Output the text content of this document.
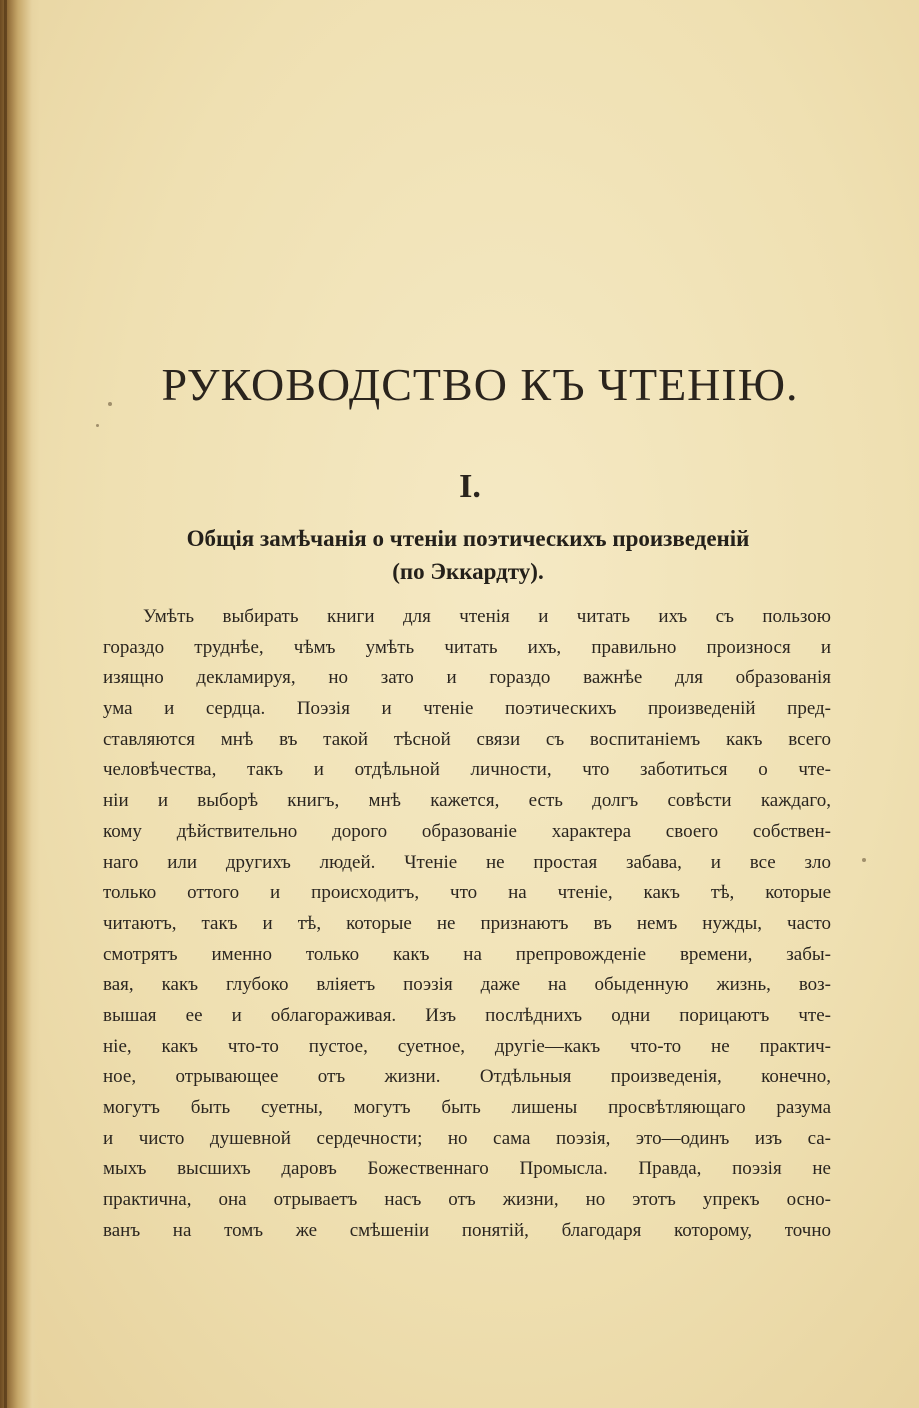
РУКОВОДСТВО КЪ ЧТЕНІЮ.
I.
Общія замѣчанія о чтеніи поэтическихъ произведеній
(по Эккардту).
Умѣть выбирать книги для чтенія и читать ихъ съ пользою
гораздо труднѣе, чѣмъ умѣть читать ихъ, правильно произнося и
изящно декламируя, но зато и гораздо важнѣе для образованія
ума и сердца. Поэзія и чтеніе поэтическихъ произведеній пред-
ставляются мнѣ въ такой тѣсной связи съ воспитаніемъ какъ всего
человѣчества, такъ и отдѣльной личности, что заботиться о чте-
ніи и выборѣ книгъ, мнѣ кажется, есть долгъ совѣсти каждаго,
кому дѣйствительно дорого образованіе характера своего собствен-
наго или другихъ людей. Чтеніе не простая забава, и все зло
только оттого и происходитъ, что на чтеніе, какъ тѣ, которые
читаютъ, такъ и тѣ, которые не признаютъ въ немъ нужды, часто
смотрятъ именно только какъ на препровожденіе времени, забы-
вая, какъ глубоко вліяетъ поэзія даже на обыденную жизнь, воз-
вышая ее и облагораживая. Изъ послѣднихъ одни порицаютъ чте-
ніе, какъ что-то пустое, суетное, другіе—какъ что-то не практич-
ное, отрывающее отъ жизни. Отдѣльныя произведенія, конечно,
могутъ быть суетны, могутъ быть лишены просвѣтляющаго разума
и чисто душевной сердечности; но сама поэзія, это—одинъ изъ са-
мыхъ высшихъ даровъ Божественнаго Промысла. Правда, поэзія не
практична, она отрываетъ насъ отъ жизни, но этотъ упрекъ осно-
ванъ на томъ же смѣшеніи понятій, благодаря которому, точно
